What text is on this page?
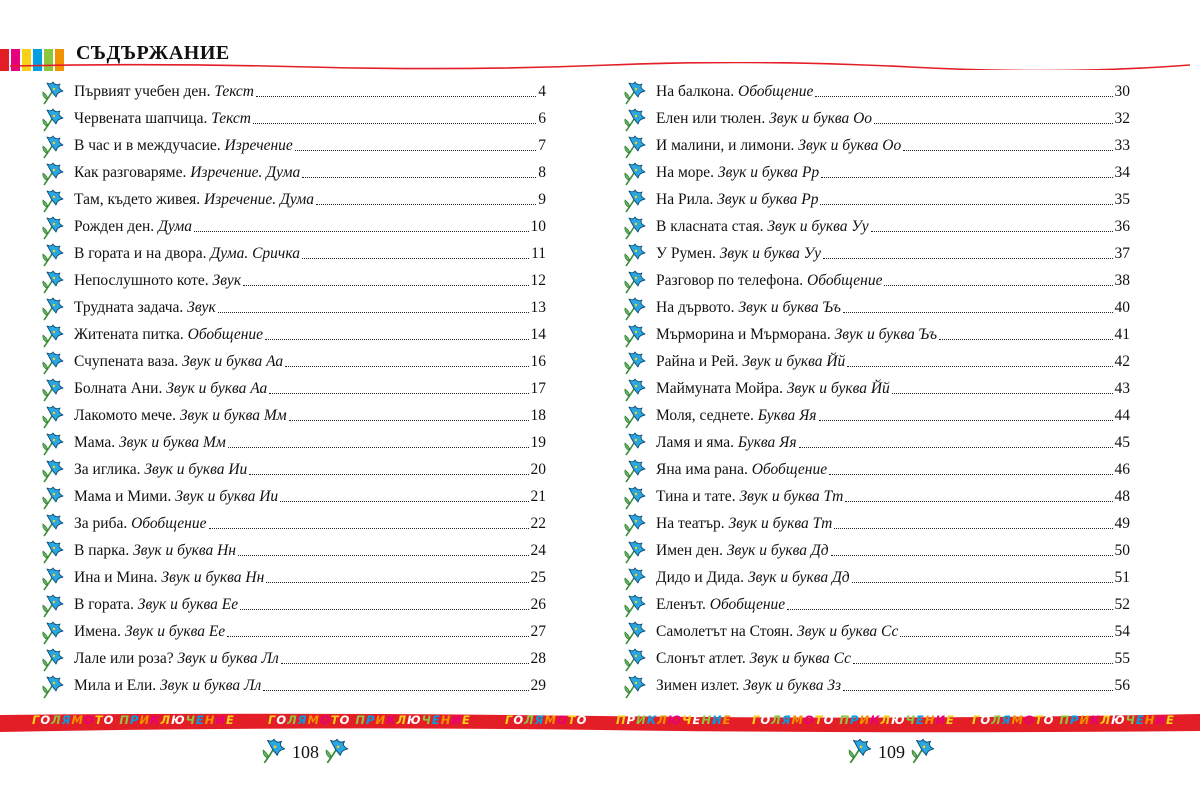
СЪДЪРЖАНИЕ
Първият учебен ден. Текст	4
Червената шапчица. Текст	6
В час и в междучасие. Изречение	7
Как разговаряме. Изречение. Дума	8
Там, където живея. Изречение. Дума	9
Рожден ден. Дума	10
В гората и на двора. Дума. Сричка	11
Непослушното коте. Звук	12
Трудната задача. Звук	13
Житената питка. Обобщение	14
Счупената ваза. Звук и буква Аа	16
Болната Ани. Звук и буква Аа	17
Лакомото мече. Звук и буква Мм	18
Мама. Звук и буква Мм	19
За иглика. Звук и буква Ии	20
Мама и Мими. Звук и буква Ии	21
За риба. Обобщение	22
В парка. Звук и буква Нн	24
Ина и Мина. Звук и буква Нн	25
В гората. Звук и буква Ее	26
Имена. Звук и буква Ее	27
Лале или роза? Звук и буква Лл	28
Мила и Ели. Звук и буква Лл	29
На балкона. Обобщение	30
Елен или тюлен. Звук и буква Оо	32
И малини, и лимони. Звук и буква Оо	33
На море. Звук и буква Рр	34
На Рила. Звук и буква Рр	35
В класната стая. Звук и буква Уу	36
У Румен. Звук и буква Уу	37
Разговор по телефона. Обобщение	38
На дървото. Звук и буква Ъъ	40
Мърморина и Мърморана. Звук и буква Ъъ	41
Райна и Рей. Звук и буква Йй	42
Маймуната Мойра. Звук и буква Йй	43
Моля, седнете. Буква Яя	44
Ламя и яма. Буква Яя	45
Яна има рана. Обобщение	46
Тина и тате. Звук и буква Тт	48
На театър. Звук и буква Тт	49
Имен ден. Звук и буква Дд	50
Дидо и Дида. Звук и буква Дд	51
Еленът. Обобщение	52
Самолетът на Стоян. Звук и буква Сс	54
Слонът атлет. Звук и буква Сс	55
Зимен излет. Звук и буква Зз	56
ГОЛЯМОТО ПРИКЛЮЧЕНИЕ	ГОЛЯМОТО ПРИКЛЮЧЕНИЕ	ГОЛЯМОТО ПРИКЛЮЧЕНИЕ ГОЛЯМОТО ПРИКЛЮЧЕНИЕ ГОЛЯМОТО ПРИКЛЮЧЕНИЕ
108	109
